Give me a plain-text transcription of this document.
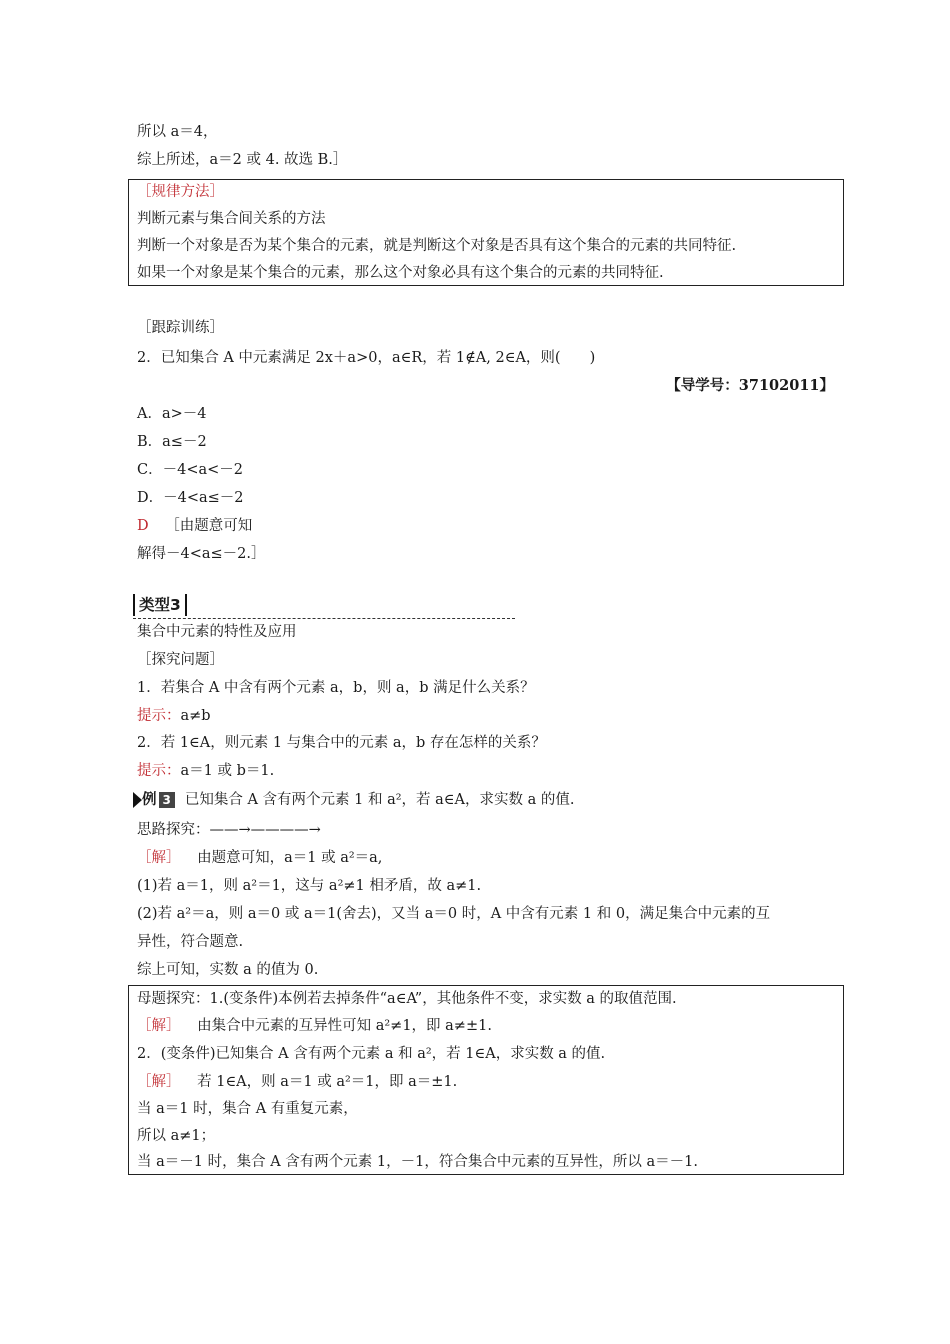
所以 a＝4，
综上所述，a＝2 或 4. 故选 B.］
［规律方法］
判断元素与集合间关系的方法
判断一个对象是否为某个集合的元素，就是判断这个对象是否具有这个集合的元素的共同特征.
如果一个对象是某个集合的元素，那么这个对象必具有这个集合的元素的共同特征.
［跟踪训练］
2．已知集合 A 中元素满足 2x＋a>0，a∈R，若 1∉A, 2∈A，则(　　)
【导学号：37102011】
A．a>－4
B．a≤－2
C．－4<a<－2
D．－4<a≤－2
D ［由题意可知
解得－4<a≤－2.］
类型3
集合中元素的特性及应用
［探究问题］
1．若集合 A 中含有两个元素 a，b，则 a，b 满足什么关系？
提示：a≠b
2．若 1∈A，则元素 1 与集合中的元素 a，b 存在怎样的关系？
提示：a＝1 或 b＝1.
例 3 已知集合 A 含有两个元素 1 和 a²，若 a∈A，求实数 a 的值.
思路探究：——→————→
［解］ 由题意可知，a＝1 或 a²＝a,
(1)若 a＝1，则 a²＝1，这与 a²≠1 相矛盾，故 a≠1.
(2)若 a²＝a，则 a＝0 或 a＝1(舍去)，又当 a＝0 时，A 中含有元素 1 和 0，满足集合中元素的互
异性，符合题意.
综上可知，实数 a 的值为 0.
母题探究：1.(变条件)本例若去掉条件“a∈A”，其他条件不变，求实数 a 的取值范围.
［解］ 由集合中元素的互异性可知 a²≠1，即 a≠±1.
2．(变条件)已知集合 A 含有两个元素 a 和 a²，若 1∈A，求实数 a 的值.
［解］ 若 1∈A，则 a＝1 或 a²＝1，即 a＝±1.
当 a＝1 时，集合 A 有重复元素，
所以 a≠1；
当 a＝－1 时，集合 A 含有两个元素 1，－1，符合集合中元素的互异性，所以 a＝－1.
